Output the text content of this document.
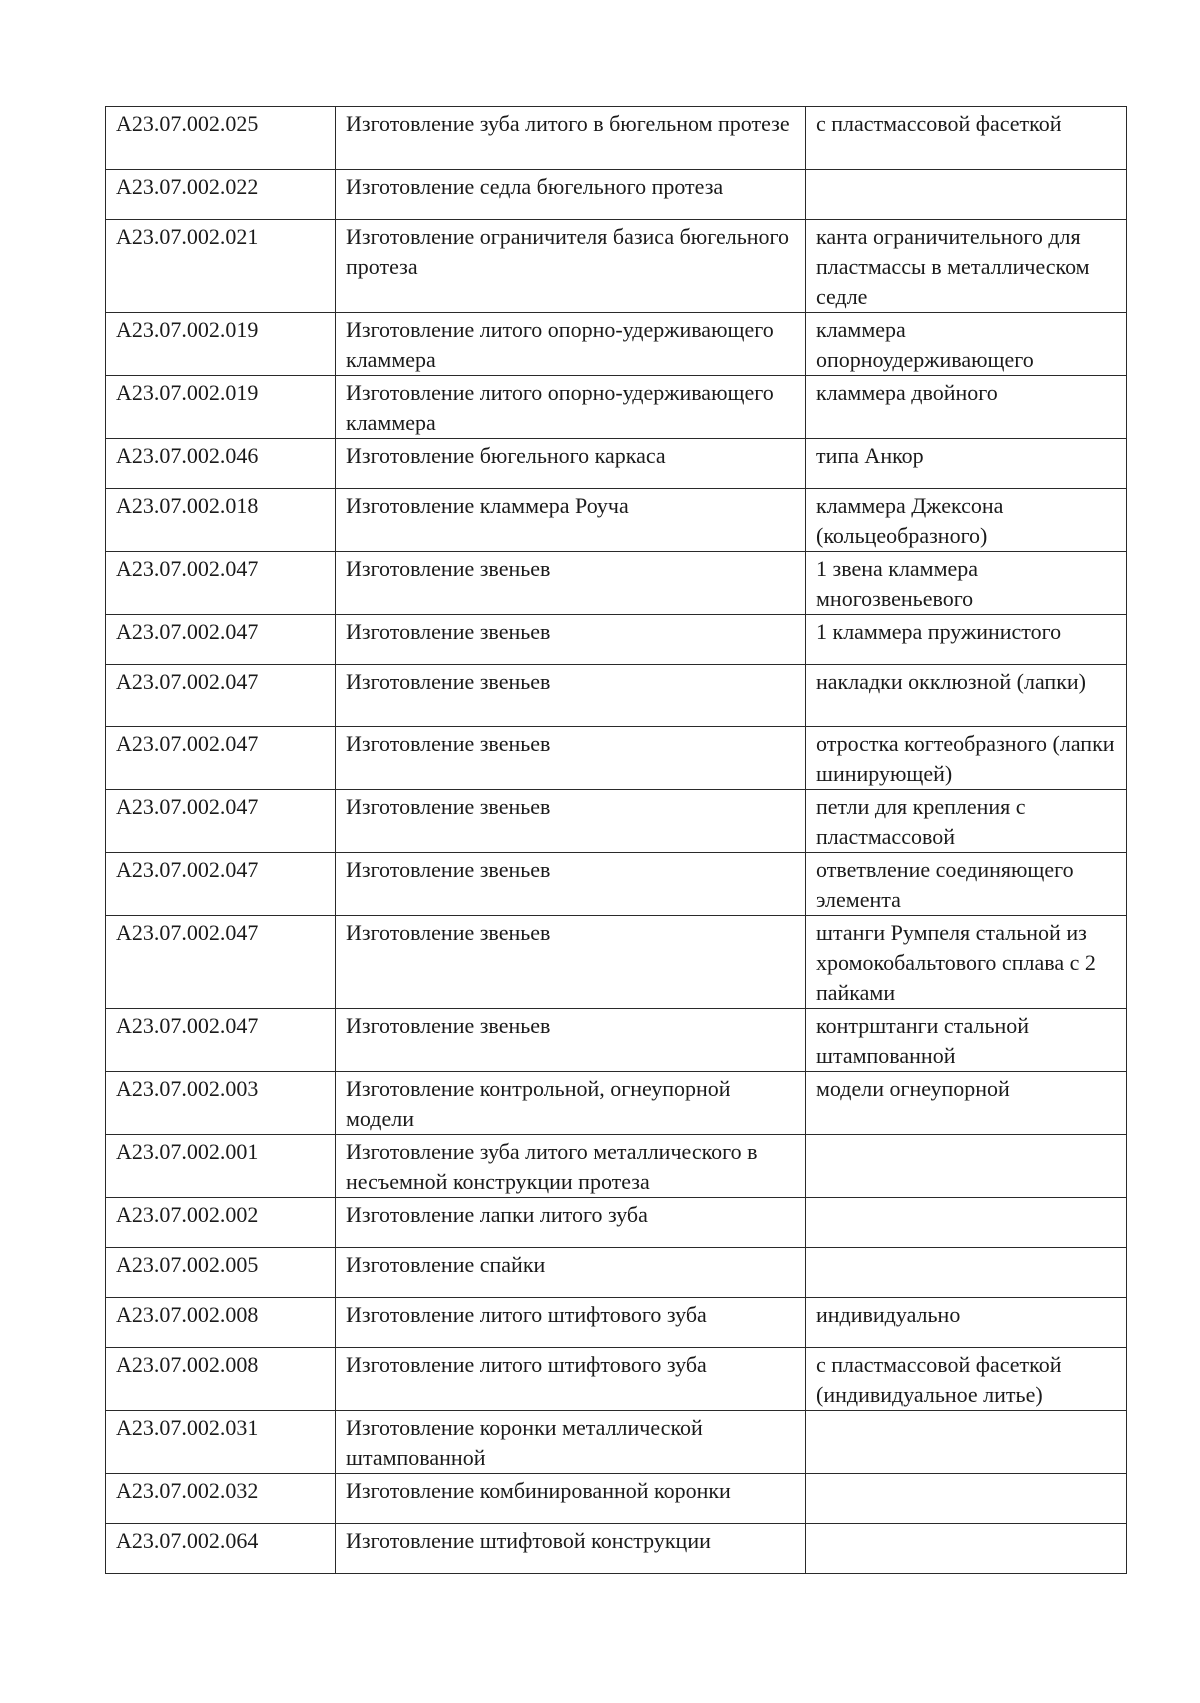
А23.07.002.025	Изготовление зуба литого в бюгельном протезе	с пластмассовой фасеткой
А23.07.002.022	Изготовление седла бюгельного протеза	
А23.07.002.021	Изготовление ограничителя базиса бюгельного протеза	канта ограничительного для пластмассы в металлическом седле
А23.07.002.019	Изготовление литого опорно-удерживающего кламмера	кламмера опорноудерживающего
А23.07.002.019	Изготовление литого опорно-удерживающего кламмера	кламмера двойного
А23.07.002.046	Изготовление бюгельного каркаса	типа Анкор
А23.07.002.018	Изготовление кламмера Роуча	кламмера Джексона (кольцеобразного)
А23.07.002.047	Изготовление звеньев	1 звена кламмера многозвеньевого
А23.07.002.047	Изготовление звеньев	1 кламмера пружинистого
А23.07.002.047	Изготовление звеньев	накладки окклюзной (лапки)
А23.07.002.047	Изготовление звеньев	отростка когтеобразного (лапки шинирующей)
А23.07.002.047	Изготовление звеньев	петли для крепления с пластмассовой
А23.07.002.047	Изготовление звеньев	ответвление соединяющего элемента
А23.07.002.047	Изготовление звеньев	штанги Румпеля стальной из хромокобальтового сплава с 2 пайками
А23.07.002.047	Изготовление звеньев	контрштанги стальной штампованной
А23.07.002.003	Изготовление контрольной, огнеупорной модели	модели огнеупорной
А23.07.002.001	Изготовление зуба литого металлического в несъемной конструкции протеза	
А23.07.002.002	Изготовление лапки литого зуба	
А23.07.002.005	Изготовление спайки	
А23.07.002.008	Изготовление литого штифтового зуба	индивидуально
А23.07.002.008	Изготовление литого штифтового зуба	с пластмассовой фасеткой (индивидуальное литье)
А23.07.002.031	Изготовление коронки металлической штампованной	
А23.07.002.032	Изготовление комбинированной коронки	
А23.07.002.064	Изготовление штифтовой конструкции	
